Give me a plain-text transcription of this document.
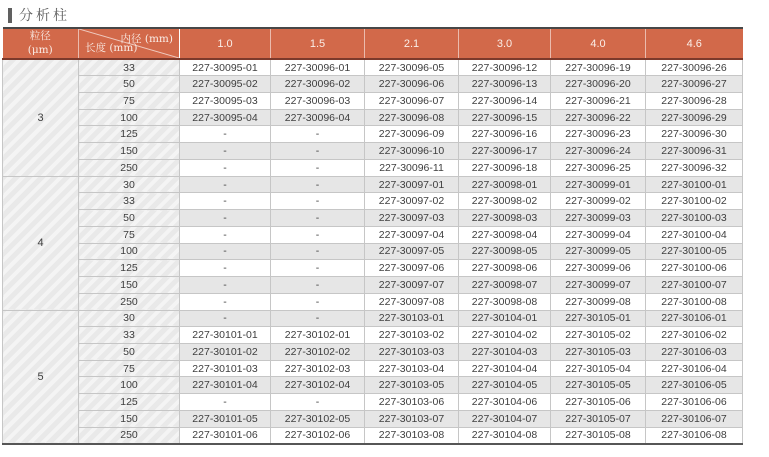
分析柱
粒径
(μm)	内径 (mm)
长度 (mm)	1.0	1.5	2.1	3.0	4.0	4.6
3	33	227-30095-01	227-30096-01	227-30096-05	227-30096-12	227-30096-19	227-30096-26
	50	227-30095-02	227-30096-02	227-30096-06	227-30096-13	227-30096-20	227-30096-27
	75	227-30095-03	227-30096-03	227-30096-07	227-30096-14	227-30096-21	227-30096-28
	100	227-30095-04	227-30096-04	227-30096-08	227-30096-15	227-30096-22	227-30096-29
	125	-	-	227-30096-09	227-30096-16	227-30096-23	227-30096-30
	150	-	-	227-30096-10	227-30096-17	227-30096-24	227-30096-31
	250	-	-	227-30096-11	227-30096-18	227-30096-25	227-30096-32
4	30	-	-	227-30097-01	227-30098-01	227-30099-01	227-30100-01
	33	-	-	227-30097-02	227-30098-02	227-30099-02	227-30100-02
	50	-	-	227-30097-03	227-30098-03	227-30099-03	227-30100-03
	75	-	-	227-30097-04	227-30098-04	227-30099-04	227-30100-04
	100	-	-	227-30097-05	227-30098-05	227-30099-05	227-30100-05
	125	-	-	227-30097-06	227-30098-06	227-30099-06	227-30100-06
	150	-	-	227-30097-07	227-30098-07	227-30099-07	227-30100-07
	250	-	-	227-30097-08	227-30098-08	227-30099-08	227-30100-08
5	30	-	-	227-30103-01	227-30104-01	227-30105-01	227-30106-01
	33	227-30101-01	227-30102-01	227-30103-02	227-30104-02	227-30105-02	227-30106-02
	50	227-30101-02	227-30102-02	227-30103-03	227-30104-03	227-30105-03	227-30106-03
	75	227-30101-03	227-30102-03	227-30103-04	227-30104-04	227-30105-04	227-30106-04
	100	227-30101-04	227-30102-04	227-30103-05	227-30104-05	227-30105-05	227-30106-05
	125	-	-	227-30103-06	227-30104-06	227-30105-06	227-30106-06
	150	227-30101-05	227-30102-05	227-30103-07	227-30104-07	227-30105-07	227-30106-07
	250	227-30101-06	227-30102-06	227-30103-08	227-30104-08	227-30105-08	227-30106-08
